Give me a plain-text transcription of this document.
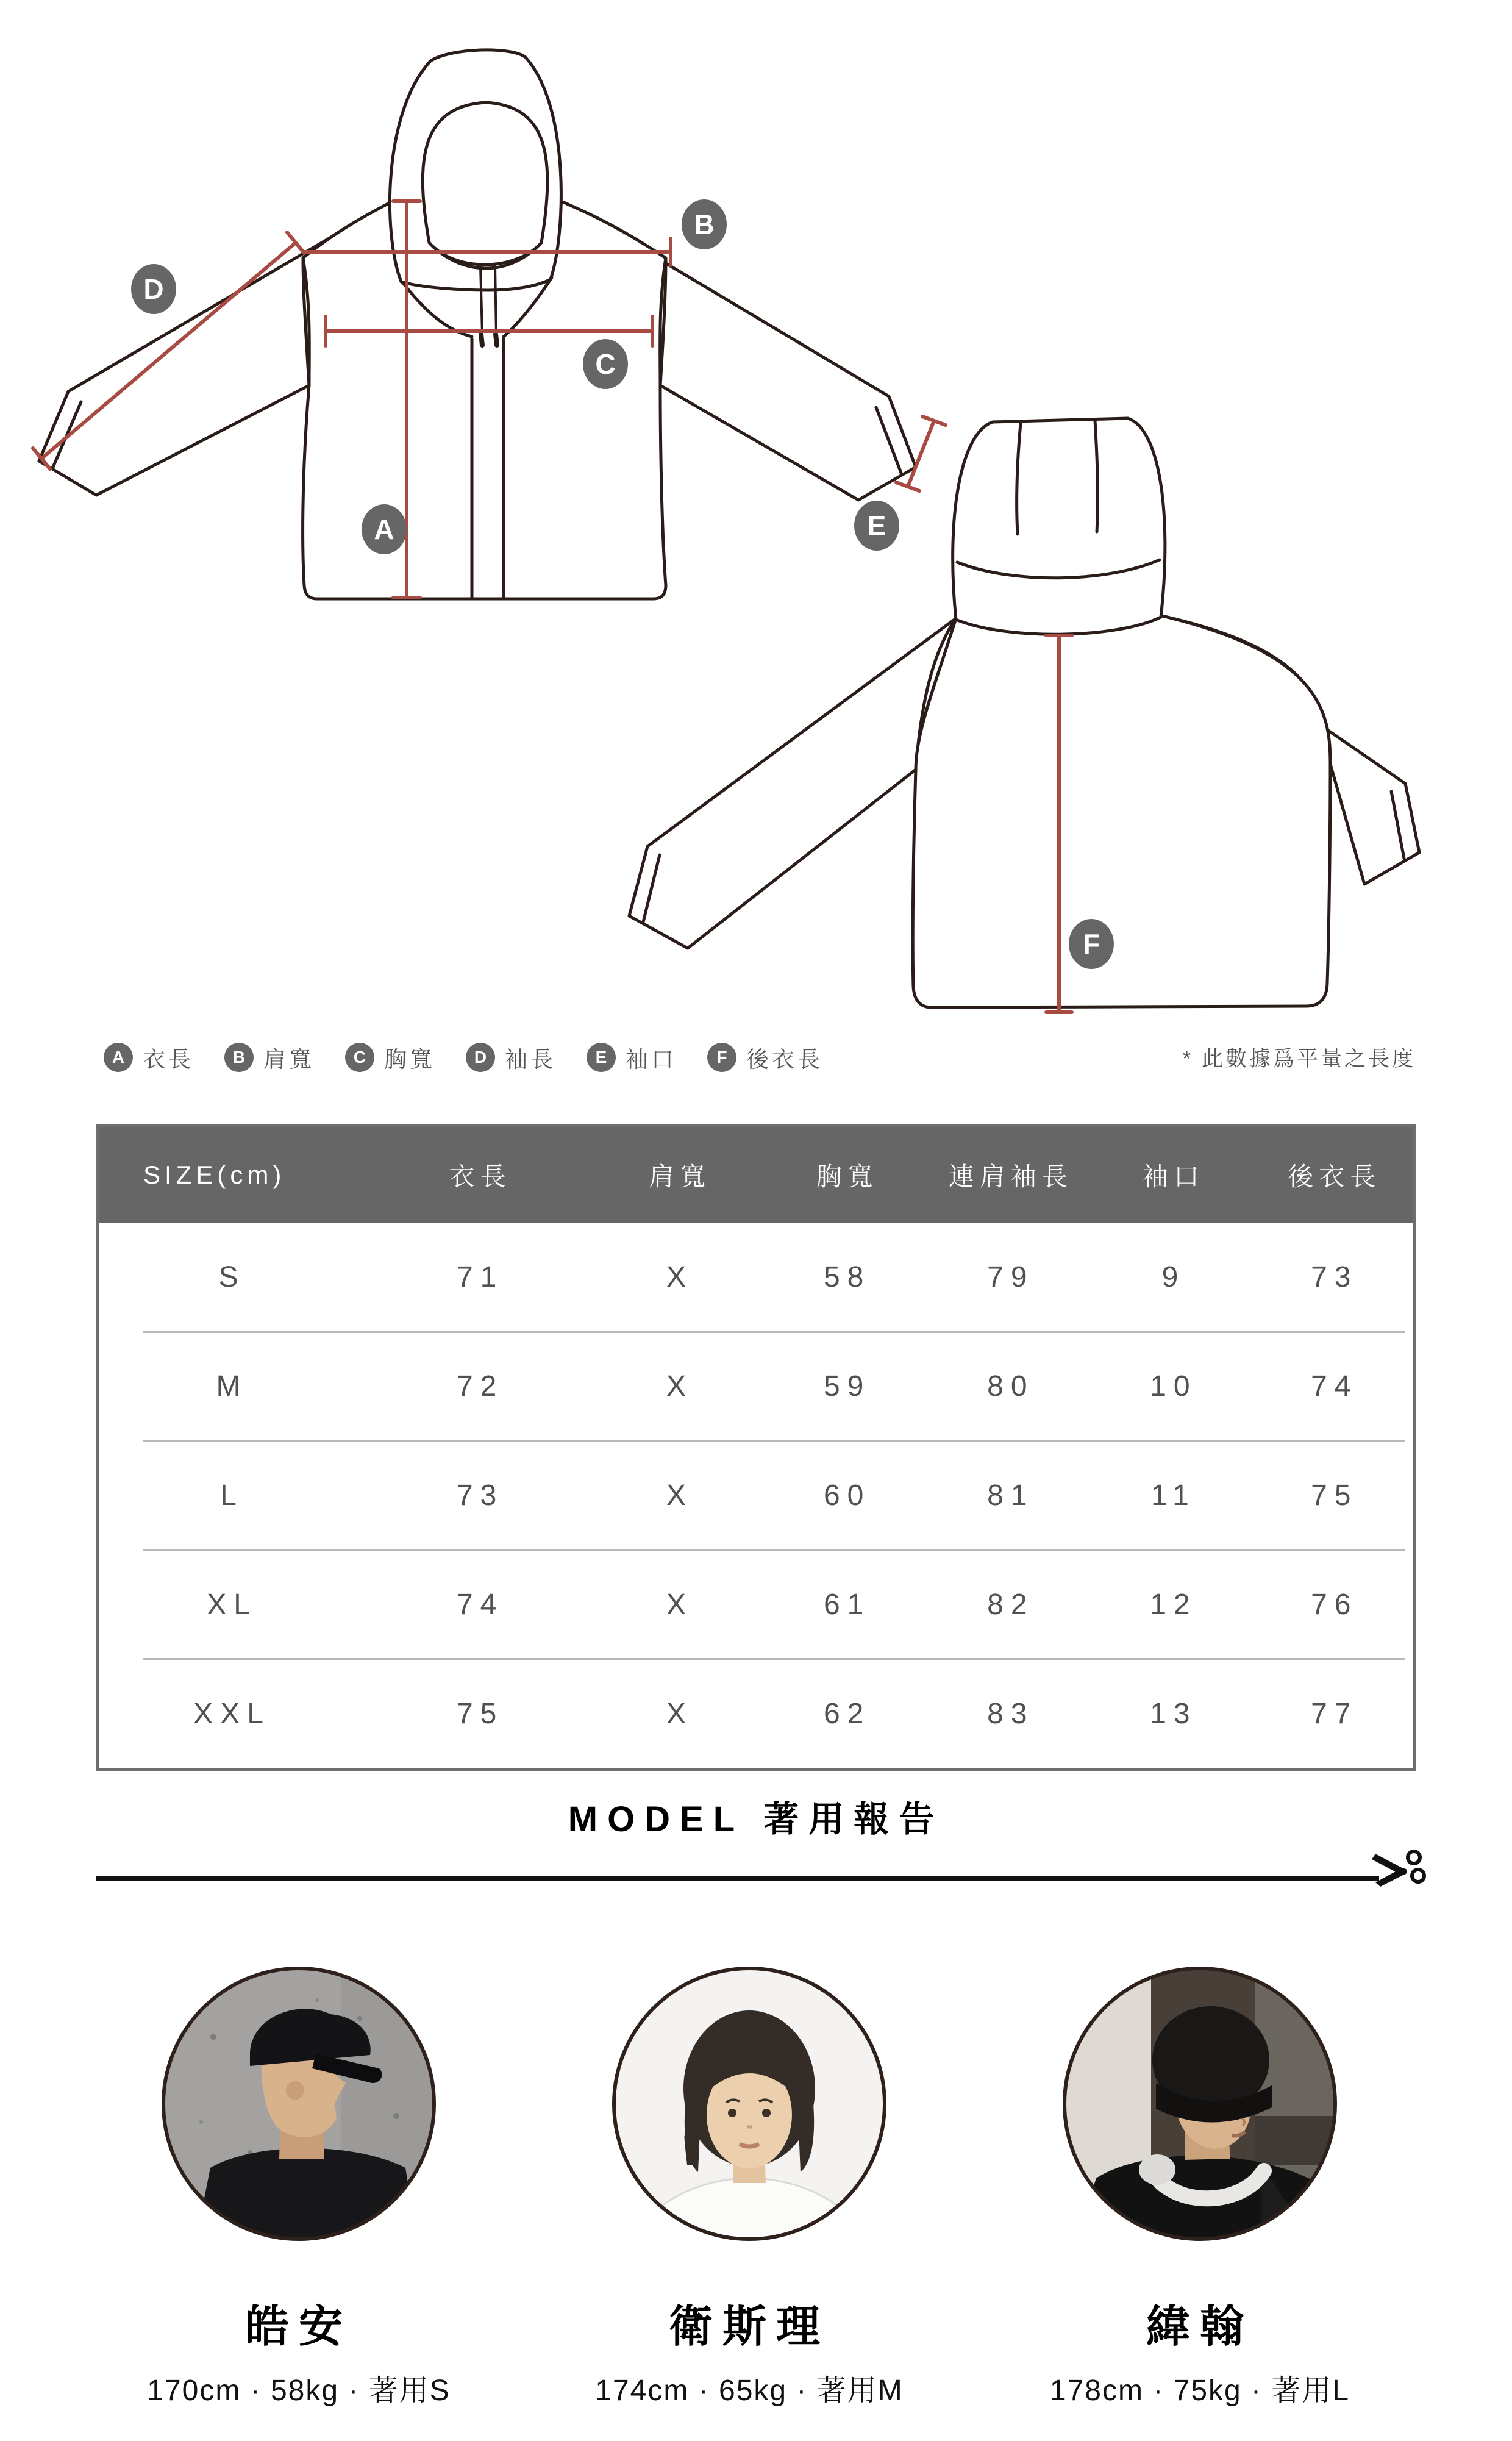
A
B
C
D
E
F
A 衣長	B 肩寬	C 胸寬	D 袖長	E 袖口	F 後衣長	* 此數據爲平量之長度
SIZE(cm)	衣長	肩寬	胸寬	連肩袖長	袖口	後衣長
S	71	X	58	79	9	73
M	72	X	59	80	10	74
L	73	X	60	81	11	75
XL	74	X	61	82	12	76
XXL	75	X	62	83	13	77
MODEL 著用報告
皓安
170cm · 58kg · 著用S
衛斯理
174cm · 65kg · 著用M
緯翰
178cm · 75kg · 著用L
